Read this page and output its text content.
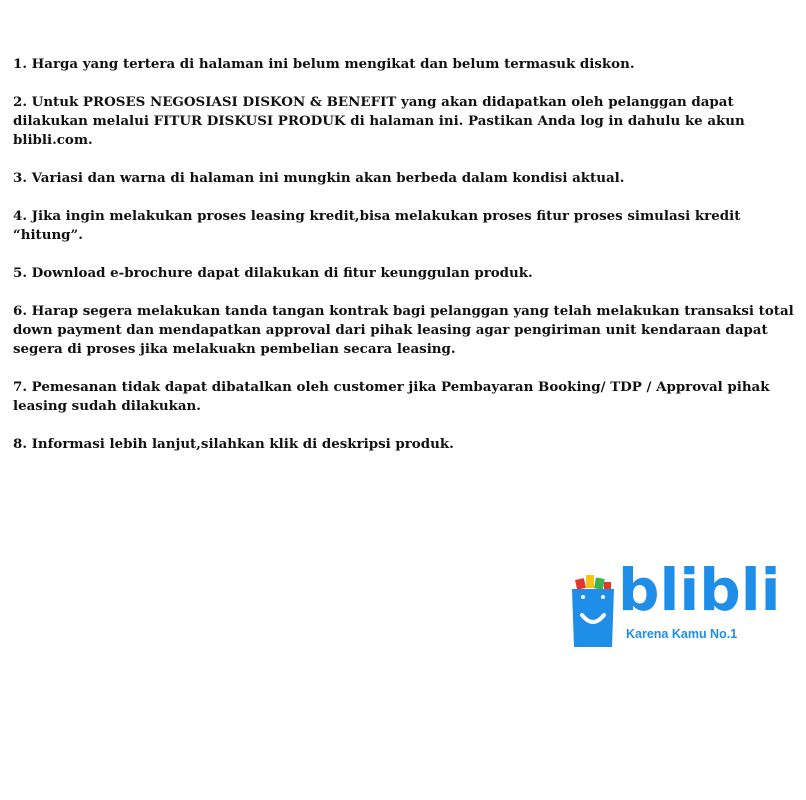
1. Harga yang tertera di halaman ini belum mengikat dan belum termasuk diskon.

2. Untuk PROSES NEGOSIASI DISKON & BENEFIT yang akan didapatkan oleh pelanggan dapat dilakukan melalui FITUR DISKUSI PRODUK di halaman ini. Pastikan Anda log in dahulu ke akun blibli.com.

3. Variasi dan warna di halaman ini mungkin akan berbeda dalam kondisi aktual.

4. Jika ingin melakukan proses leasing kredit,bisa melakukan proses fitur proses simulasi kredit “hitung”.

5. Download e-brochure dapat dilakukan di fitur keunggulan produk.

6. Harap segera melakukan tanda tangan kontrak bagi pelanggan yang telah melakukan transaksi total down payment dan mendapatkan approval dari pihak leasing agar pengiriman unit kendaraan dapat segera di proses jika melakuakn pembelian secara leasing.

7. Pemesanan tidak dapat dibatalkan oleh customer jika Pembayaran Booking/ TDP / Approval pihak leasing sudah dilakukan.

8. Informasi lebih lanjut,silahkan klik di deskripsi produk.

blibli
Karena Kamu No.1
